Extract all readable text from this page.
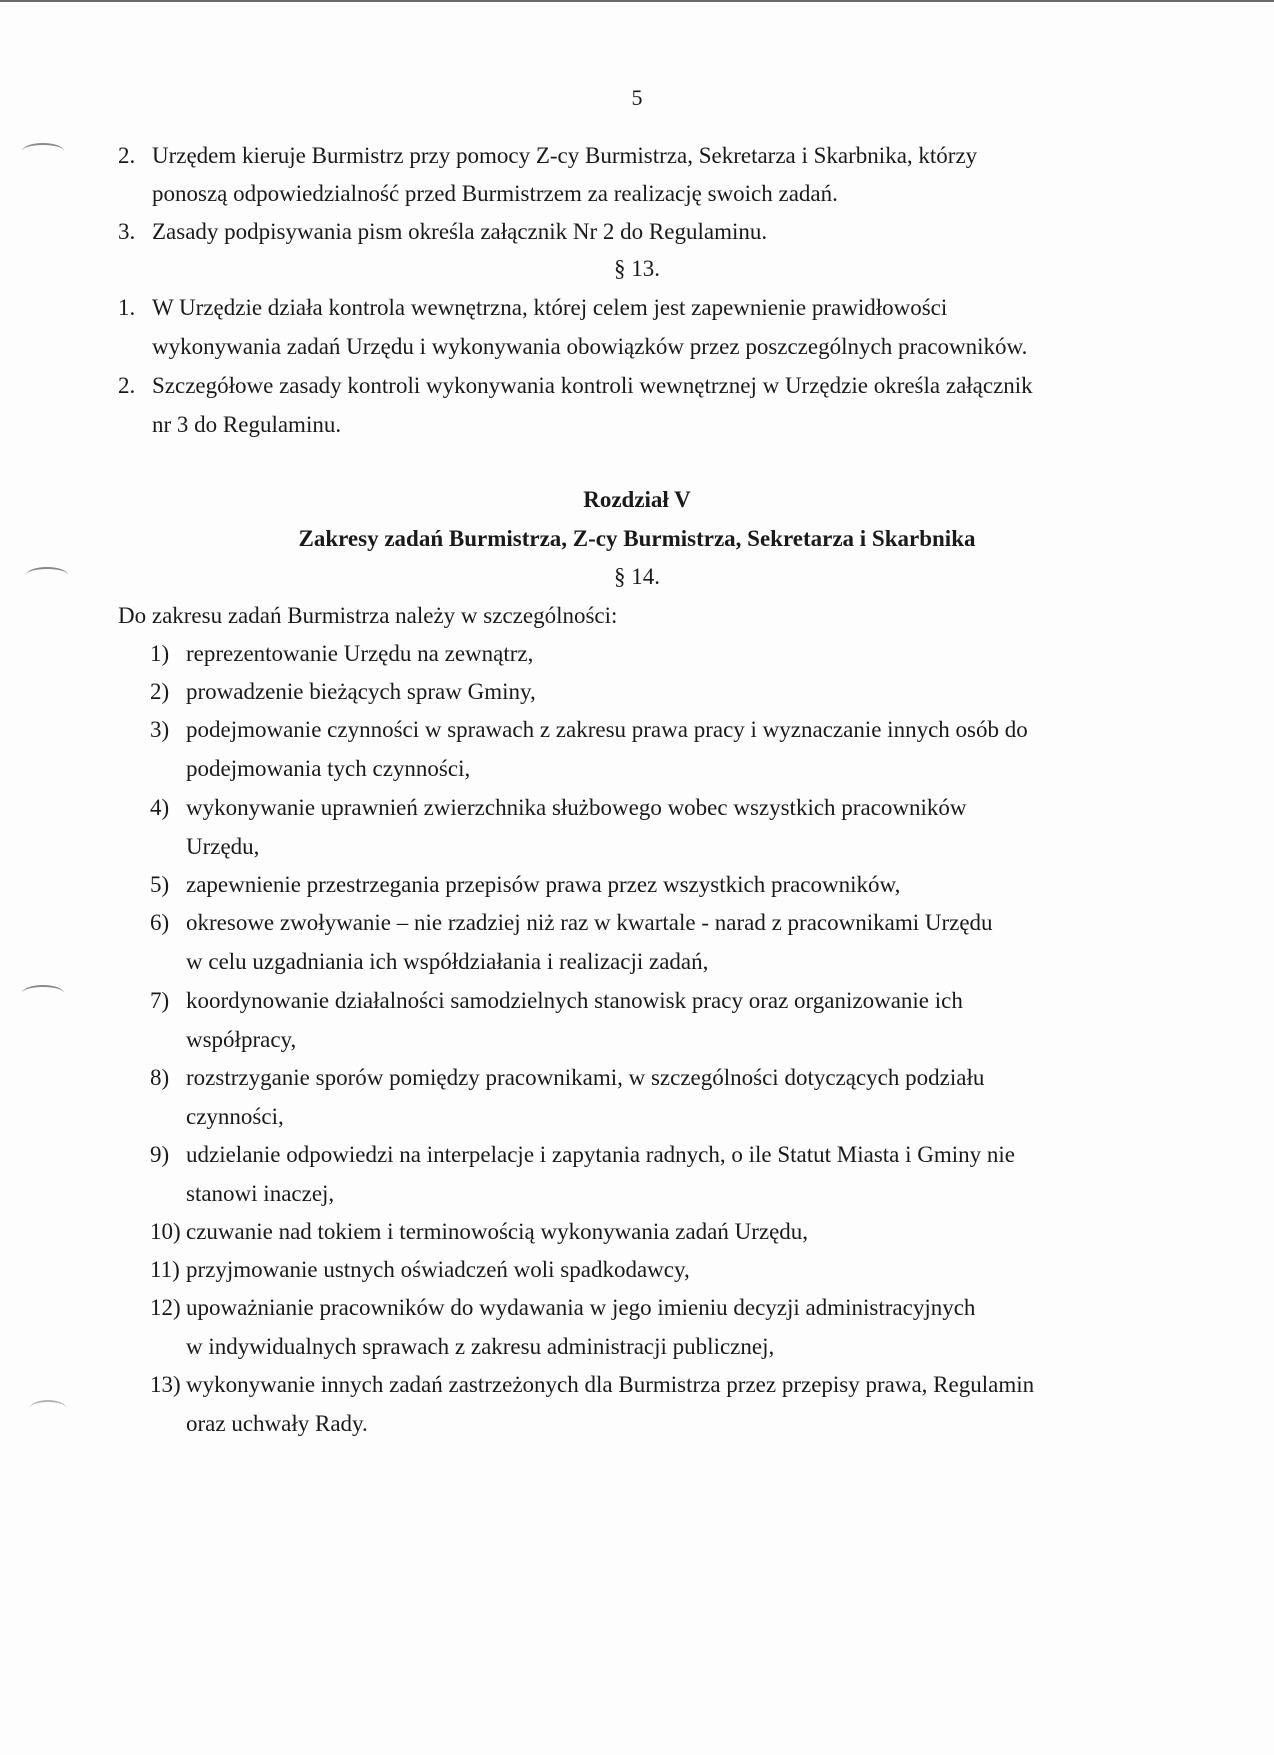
5
2. Urzędem kieruje Burmistrz przy pomocy Z-cy Burmistrza, Sekretarza i Skarbnika, którzy
ponoszą odpowiedzialność przed Burmistrzem za realizację swoich zadań.
3. Zasady podpisywania pism określa załącznik Nr 2 do Regulaminu.
§ 13.
1. W Urzędzie działa kontrola wewnętrzna, której celem jest zapewnienie prawidłowości
wykonywania zadań Urzędu i wykonywania obowiązków przez poszczególnych pracowników.
2. Szczegółowe zasady kontroli wykonywania kontroli wewnętrznej w Urzędzie określa załącznik
nr 3 do Regulaminu.
Rozdział V
Zakresy zadań Burmistrza, Z-cy Burmistrza, Sekretarza i Skarbnika
§ 14.
Do zakresu zadań Burmistrza należy w szczególności:
1) reprezentowanie Urzędu na zewnątrz,
2) prowadzenie bieżących spraw Gminy,
3) podejmowanie czynności w sprawach z zakresu prawa pracy i wyznaczanie innych osób do
podejmowania tych czynności,
4) wykonywanie uprawnień zwierzchnika służbowego wobec wszystkich pracowników
Urzędu,
5) zapewnienie przestrzegania przepisów prawa przez wszystkich pracowników,
6) okresowe zwoływanie – nie rzadziej niż raz w kwartale - narad z pracownikami Urzędu
w celu uzgadniania ich współdziałania i realizacji zadań,
7) koordynowanie działalności samodzielnych stanowisk pracy oraz organizowanie ich
współpracy,
8) rozstrzyganie sporów pomiędzy pracownikami, w szczególności dotyczących podziału
czynności,
9) udzielanie odpowiedzi na interpelacje i zapytania radnych, o ile Statut Miasta i Gminy nie
stanowi inaczej,
10) czuwanie nad tokiem i terminowością wykonywania zadań Urzędu,
11) przyjmowanie ustnych oświadczeń woli spadkodawcy,
12) upoważnianie pracowników do wydawania w jego imieniu decyzji administracyjnych
w indywidualnych sprawach z zakresu administracji publicznej,
13) wykonywanie innych zadań zastrzeżonych dla Burmistrza przez przepisy prawa, Regulamin
oraz uchwały Rady.
